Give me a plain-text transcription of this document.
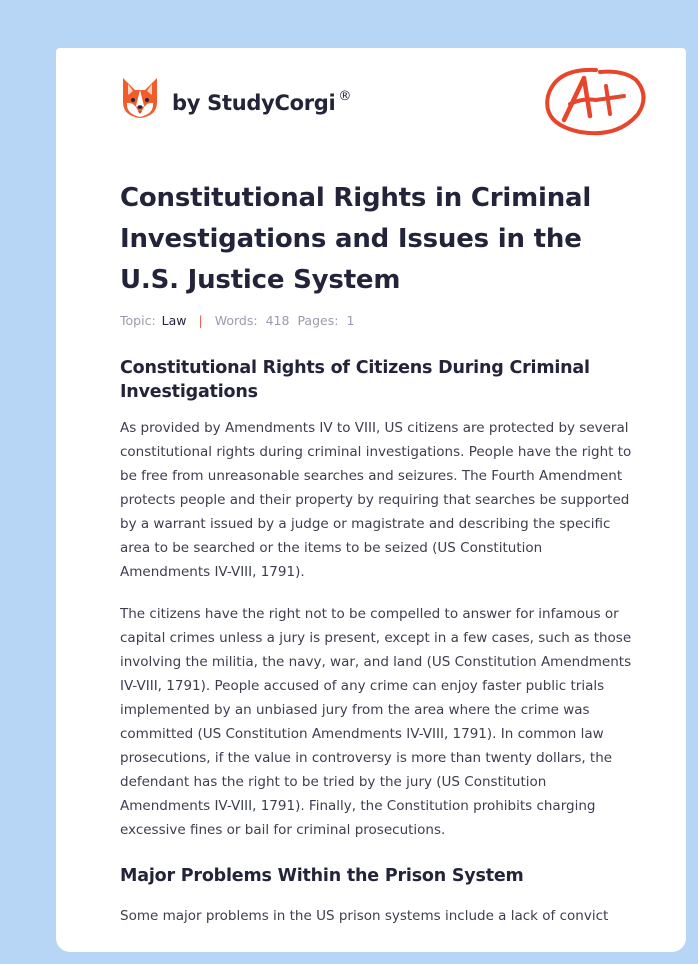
by StudyCorgi ®
Constitutional Rights in Criminal Investigations and Issues in the U.S. Justice System
Topic: Law | Words: 418 Pages: 1
Constitutional Rights of Citizens During Criminal Investigations

As provided by Amendments IV to VIII, US citizens are protected by several constitutional rights during criminal investigations. People have the right to be free from unreasonable searches and seizures. The Fourth Amendment protects people and their property by requiring that searches be supported by a warrant issued by a judge or magistrate and describing the specific area to be searched or the items to be seized (US Constitution Amendments IV-VIII, 1791).

The citizens have the right not to be compelled to answer for infamous or capital crimes unless a jury is present, except in a few cases, such as those involving the militia, the navy, war, and land (US Constitution Amendments IV-VIII, 1791). People accused of any crime can enjoy faster public trials implemented by an unbiased jury from the area where the crime was committed (US Constitution Amendments IV-VIII, 1791). In common law prosecutions, if the value in controversy is more than twenty dollars, the defendant has the right to be tried by the jury (US Constitution Amendments IV-VIII, 1791). Finally, the Constitution prohibits charging excessive fines or bail for criminal prosecutions.

Major Problems Within the Prison System

Some major problems in the US prison systems include a lack of convict
